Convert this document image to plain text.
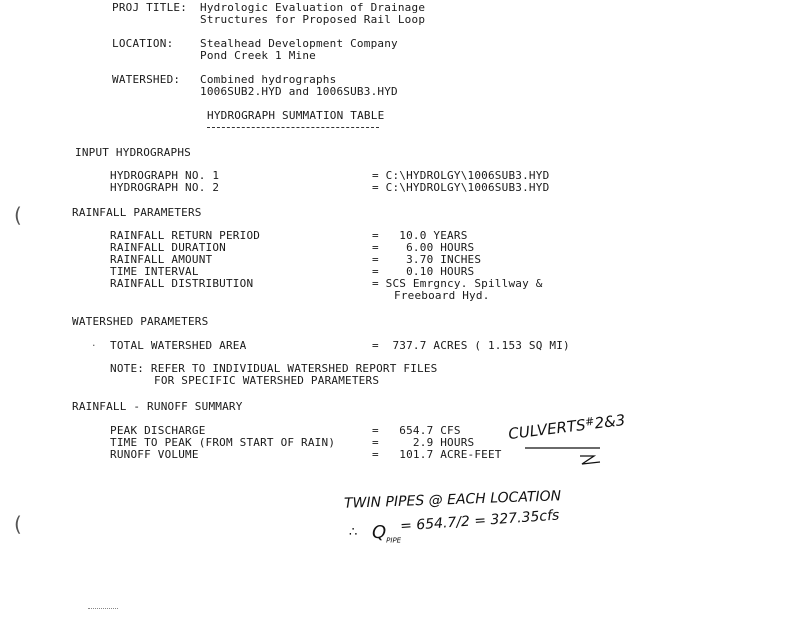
PROJ TITLE: Hydrologic Evaluation of Drainage
Structures for Proposed Rail Loop
LOCATION: Stealhead Development Company
Pond Creek 1 Mine
WATERSHED: Combined hydrographs
1006SUB2.HYD and 1006SUB3.HYD
HYDROGRAPH SUMMATION TABLE
INPUT HYDROGRAPHS
HYDROGRAPH NO. 1	= C:\HYDROLGY\1006SUB3.HYD
HYDROGRAPH NO. 2	= C:\HYDROLGY\1006SUB3.HYD
(	RAINFALL PARAMETERS
RAINFALL RETURN PERIOD	=   10.0 YEARS
RAINFALL DURATION	=    6.00 HOURS
RAINFALL AMOUNT	=    3.70 INCHES
TIME INTERVAL	=    0.10 HOURS
RAINFALL DISTRIBUTION	= SCS Emrgncy. Spillway &
Freeboard Hyd.
WATERSHED PARAMETERS
. TOTAL WATERSHED AREA	=  737.7 ACRES ( 1.153 SQ MI)
NOTE: REFER TO INDIVIDUAL WATERSHED REPORT FILES
FOR SPECIFIC WATERSHED PARAMETERS
RAINFALL - RUNOFF SUMMARY
PEAK DISCHARGE	=   654.7 CFS
TIME TO PEAK (FROM START OF RAIN)	=     2.9 HOURS
RUNOFF VOLUME	=   101.7 ACRE-FEET
CULVERTS#2&3
(
TWIN PIPES @ EACH LOCATION
∴ $Q_{PIPE}$
= 654.7/2 = 327.35cfs
